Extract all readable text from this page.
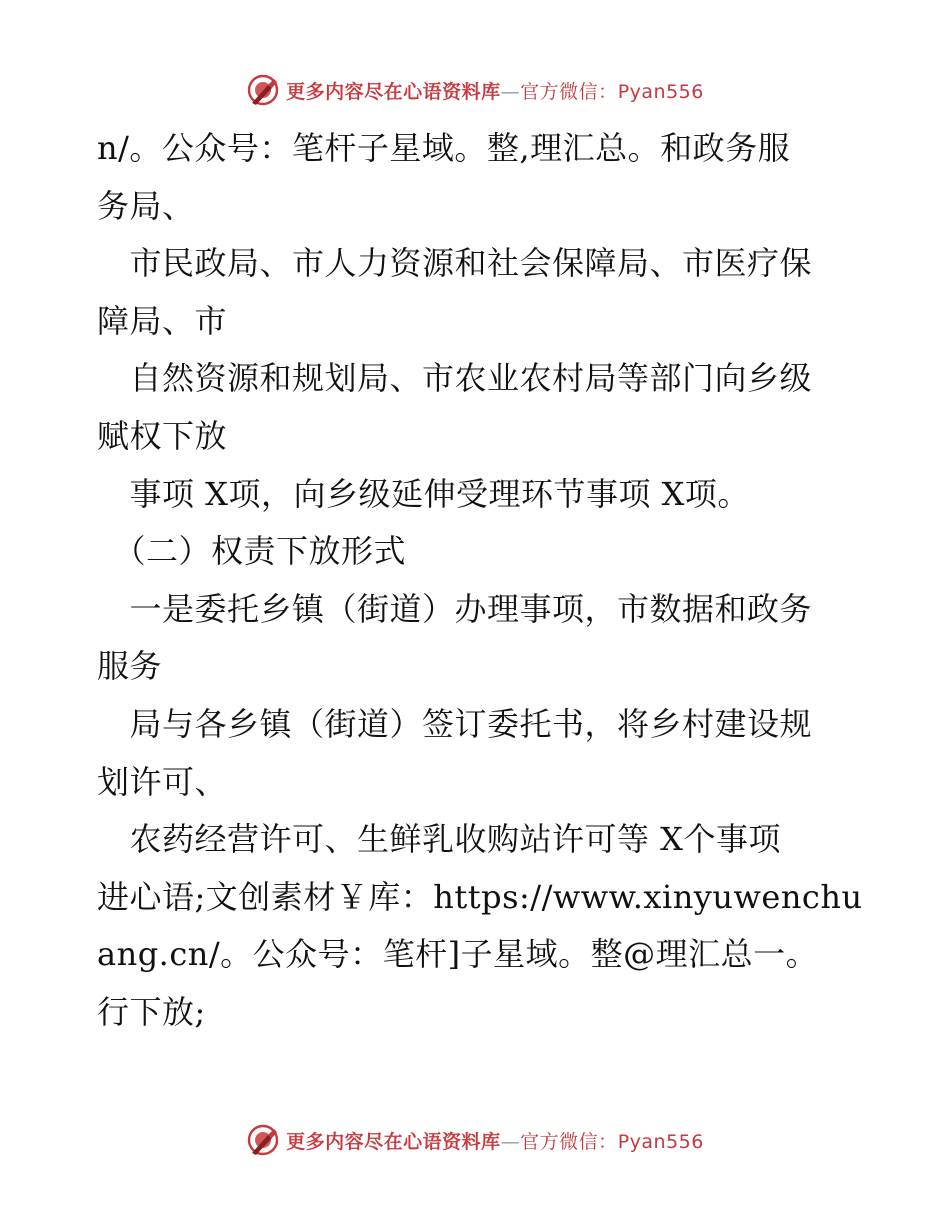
更多内容尽在心语资料库—官方微信：Pyan556
n/。公众号：笔杆子星域。整,理汇总。和政务服
务局、
　市民政局、市人力资源和社会保障局、市医疗保
障局、市
　自然资源和规划局、市农业农村局等部门向乡级
赋权下放
　事项 X项，向乡级延伸受理环节事项 X项。
　（二）权责下放形式
　一是委托乡镇（街道）办理事项，市数据和政务
服务
　局与各乡镇（街道）签订委托书，将乡村建设规
划许可、
　农药经营许可、生鲜乳收购站许可等 X个事项
进心语;文创素材￥库：https://www.xinyuwenchu
ang.cn/。公众号：笔杆]子星域。整@理汇总一。
行下放;
更多内容尽在心语资料库—官方微信：Pyan556
